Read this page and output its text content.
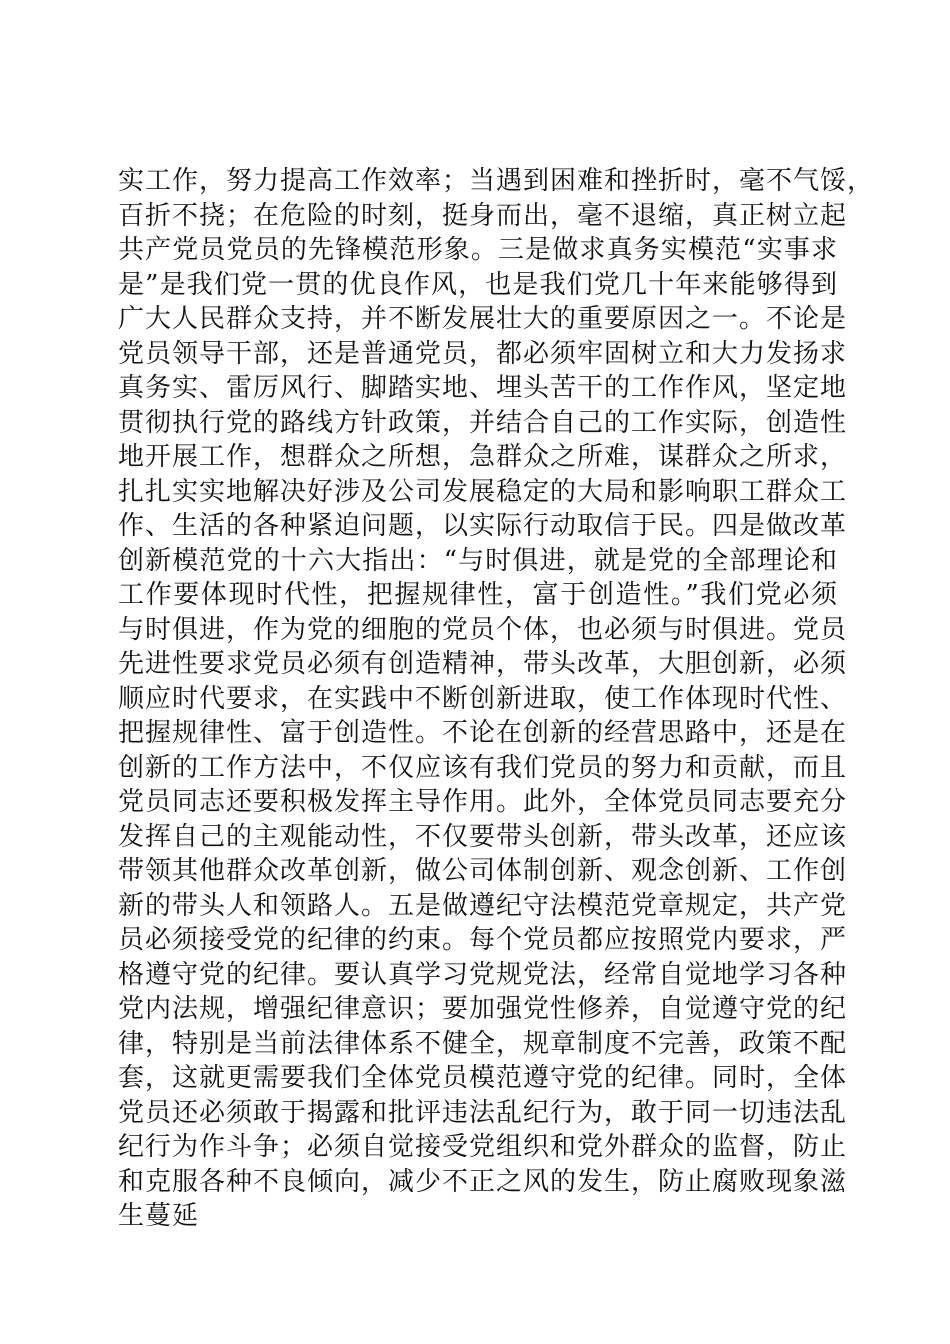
实工作，努力提高工作效率；当遇到困难和挫折时，毫不气馁，
百折不挠；在危险的时刻，挺身而出，毫不退缩，真正树立起
共产党员党员的先锋模范形象。三是做求真务实模范“实事求
是”是我们党一贯的优良作风，也是我们党几十年来能够得到
广大人民群众支持，并不断发展壮大的重要原因之一。不论是
党员领导干部，还是普通党员，都必须牢固树立和大力发扬求
真务实、雷厉风行、脚踏实地、埋头苦干的工作作风，坚定地
贯彻执行党的路线方针政策，并结合自己的工作实际，创造性
地开展工作，想群众之所想，急群众之所难，谋群众之所求，
扎扎实实地解决好涉及公司发展稳定的大局和影响职工群众工
作、生活的各种紧迫问题，以实际行动取信于民。四是做改革
创新模范党的十六大指出：“与时俱进，就是党的全部理论和
工作要体现时代性，把握规律性，富于创造性。”我们党必须
与时俱进，作为党的细胞的党员个体，也必须与时俱进。党员
先进性要求党员必须有创造精神，带头改革，大胆创新，必须
顺应时代要求，在实践中不断创新进取，使工作体现时代性、
把握规律性、富于创造性。不论在创新的经营思路中，还是在
创新的工作方法中，不仅应该有我们党员的努力和贡献，而且
党员同志还要积极发挥主导作用。此外，全体党员同志要充分
发挥自己的主观能动性，不仅要带头创新，带头改革，还应该
带领其他群众改革创新，做公司体制创新、观念创新、工作创
新的带头人和领路人。五是做遵纪守法模范党章规定，共产党
员必须接受党的纪律的约束。每个党员都应按照党内要求，严
格遵守党的纪律。要认真学习党规党法，经常自觉地学习各种
党内法规，增强纪律意识；要加强党性修养，自觉遵守党的纪
律，特别是当前法律体系不健全，规章制度不完善，政策不配
套，这就更需要我们全体党员模范遵守党的纪律。同时，全体
党员还必须敢于揭露和批评违法乱纪行为，敢于同一切违法乱
纪行为作斗争；必须自觉接受党组织和党外群众的监督，防止
和克服各种不良倾向，减少不正之风的发生，防止腐败现象滋
生蔓延
